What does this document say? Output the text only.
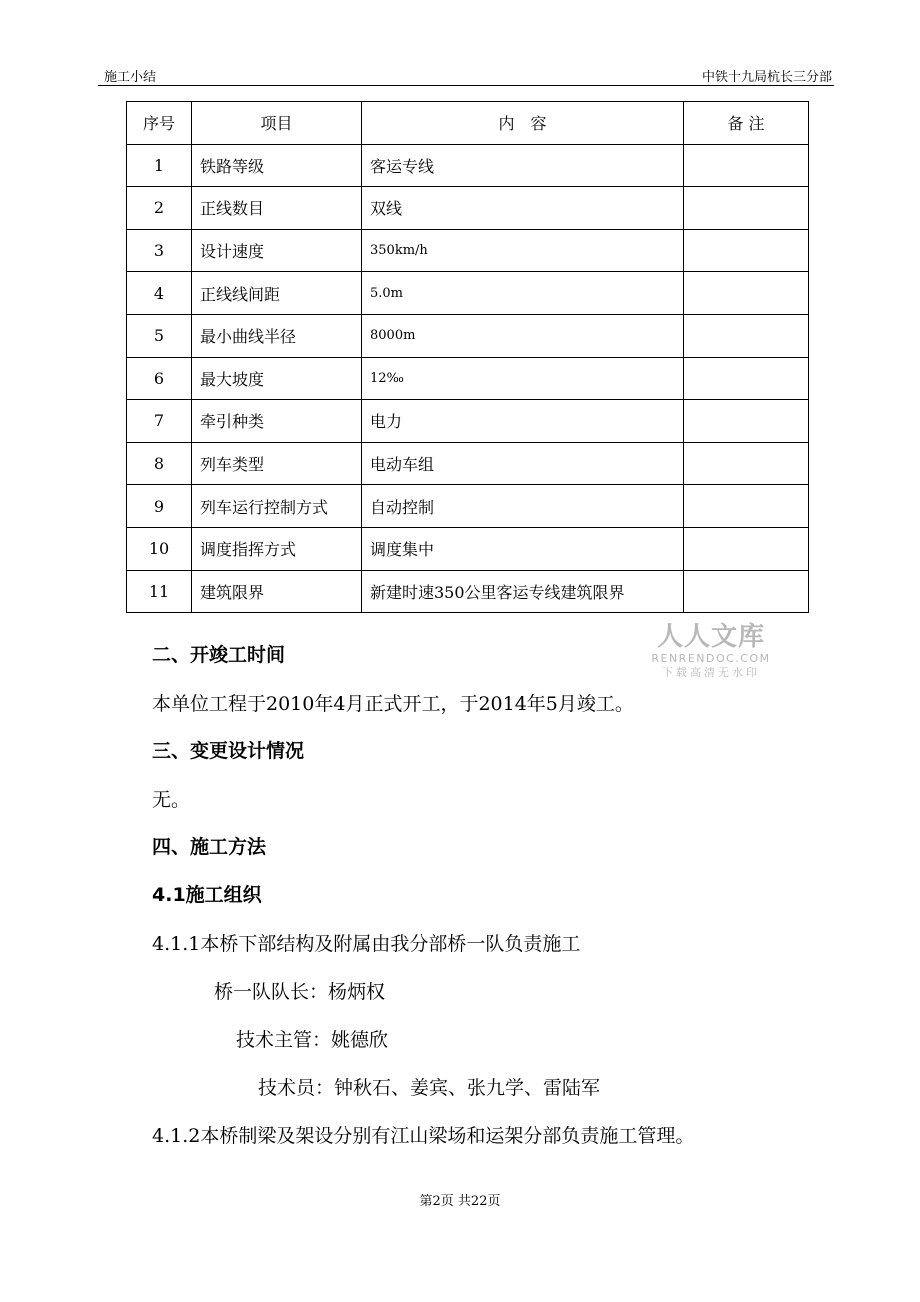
施工小结	中铁十九局杭长三分部
序号	项目	内　容	备 注
1	铁路等级	客运专线	
2	正线数目	双线	
3	设计速度	350km/h	
4	正线线间距	5.0m	
5	最小曲线半径	8000m	
6	最大坡度	12‰	
7	牵引种类	电力	
8	列车类型	电动车组	
9	列车运行控制方式	自动控制	
10	调度指挥方式	调度集中	
11	建筑限界	新建时速350公里客运专线建筑限界	
人人文库
RENRENDOC.COM
下载高清无水印
二、开竣工时间
本单位工程于2010年4月正式开工，于2014年5月竣工。
三、变更设计情况
无。
四、施工方法
4.1施工组织
4.1.1本桥下部结构及附属由我分部桥一队负责施工
桥一队队长：杨炳权
技术主管：姚德欣
技术员：钟秋石、姜宾、张九学、雷陆军
4.1.2本桥制梁及架设分别有江山梁场和运架分部负责施工管理。
第2页 共22页
